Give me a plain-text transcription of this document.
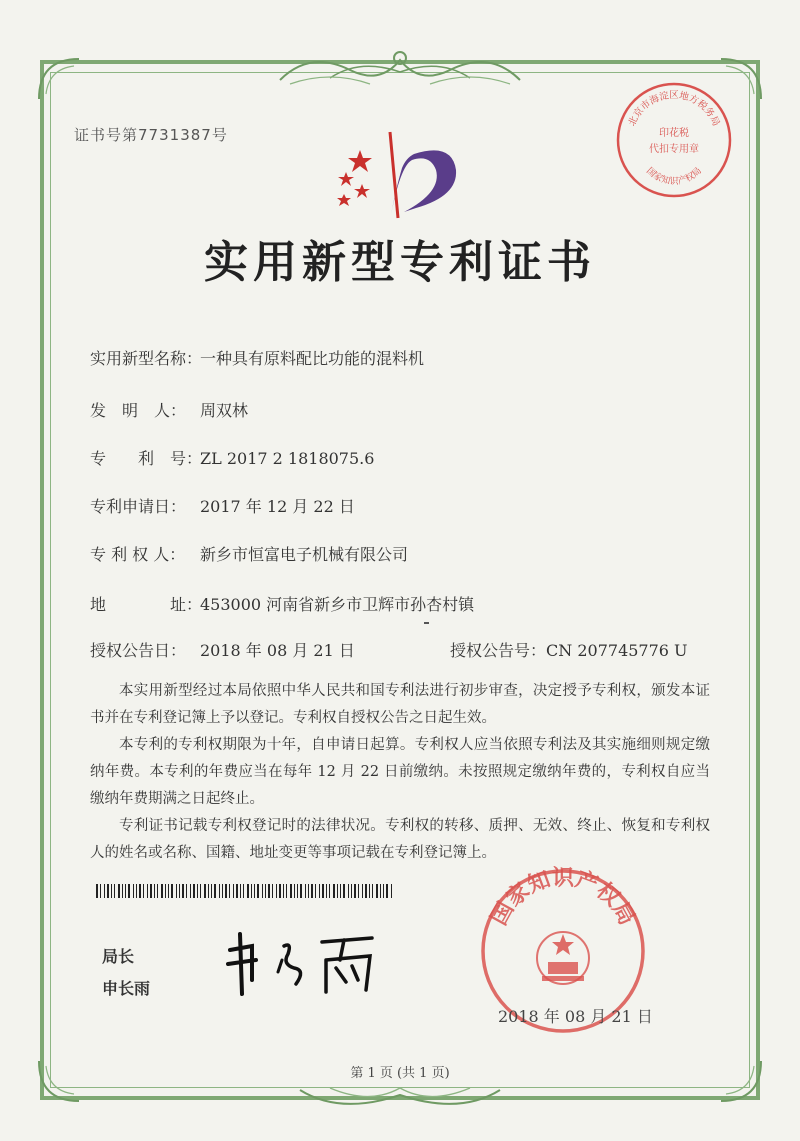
证书号第7731387号
北京市海淀区地方税务局
印花税
代扣专用章
国家知识产权局
实用新型专利证书
实用新型名称：一种具有原料配比功能的混料机
发　明　人： 周双林
专　　利　号：ZL 2017 2 1818075.6
专利申请日： 2017 年 12 月 22 日
专 利 权 人： 新乡市恒富电子机械有限公司
地　　　　址：453000 河南省新乡市卫辉市孙杏村镇
授权公告日： 2018 年 08 月 21 日	授权公告号：CN 207745776 U

本实用新型经过本局依照中华人民共和国专利法进行初步审查，决定授予专利权，颁发本证书并在专利登记簿上予以登记。专利权自授权公告之日起生效。

本专利的专利权期限为十年，自申请日起算。专利权人应当依照专利法及其实施细则规定缴纳年费。本专利的年费应当在每年 12 月 22 日前缴纳。未按照规定缴纳年费的，专利权自应当缴纳年费期满之日起终止。

专利证书记载专利权登记时的法律状况。专利权的转移、质押、无效、终止、恢复和专利权人的姓名或名称、国籍、地址变更等事项记载在专利登记簿上。

局长
申长雨
国家知识产权局
2018 年 08 月 21 日
第 1 页 (共 1 页)
